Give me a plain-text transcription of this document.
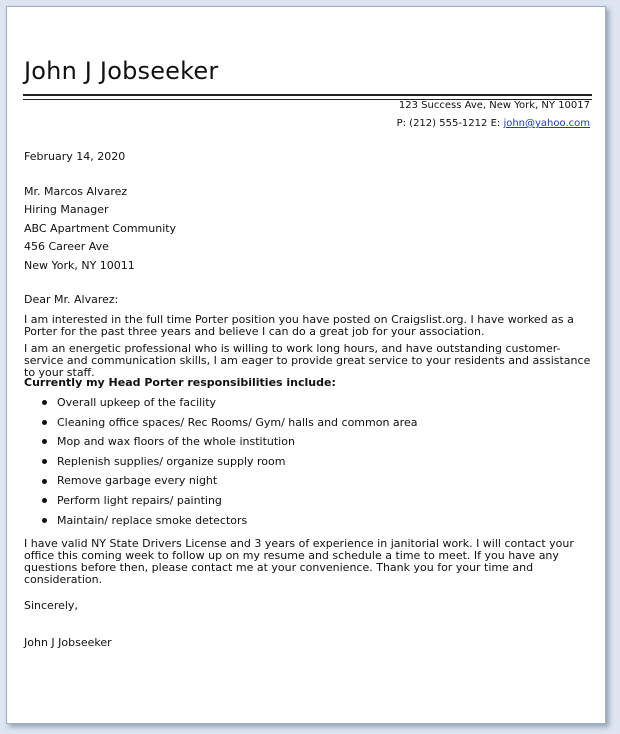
John J Jobseeker
123 Success Ave, New York, NY 10017
P: (212) 555-1212 E: john@yahoo.com
February 14, 2020
Mr. Marcos Alvarez
Hiring Manager
ABC Apartment Community
456 Career Ave
New York, NY 10011
Dear Mr. Alvarez:

I am interested in the full time Porter position you have posted on Craigslist.org. I have worked as a Porter for the past three years and believe I can do a great job for your association.

I am an energetic professional who is willing to work long hours, and have outstanding customer-service and communication skills, I am eager to provide great service to your residents and assistance to your staff.

Currently my Head Porter responsibilities include:
Overall upkeep of the facility
Cleaning office spaces/ Rec Rooms/ Gym/ halls and common area
Mop and wax floors of the whole institution
Replenish supplies/ organize supply room
Remove garbage every night
Perform light repairs/ painting
Maintain/ replace smoke detectors

I have valid NY State Drivers License and 3 years of experience in janitorial work. I will contact your office this coming week to follow up on my resume and schedule a time to meet. If you have any questions before then, please contact me at your convenience. Thank you for your time and consideration.

Sincerely,
John J Jobseeker
